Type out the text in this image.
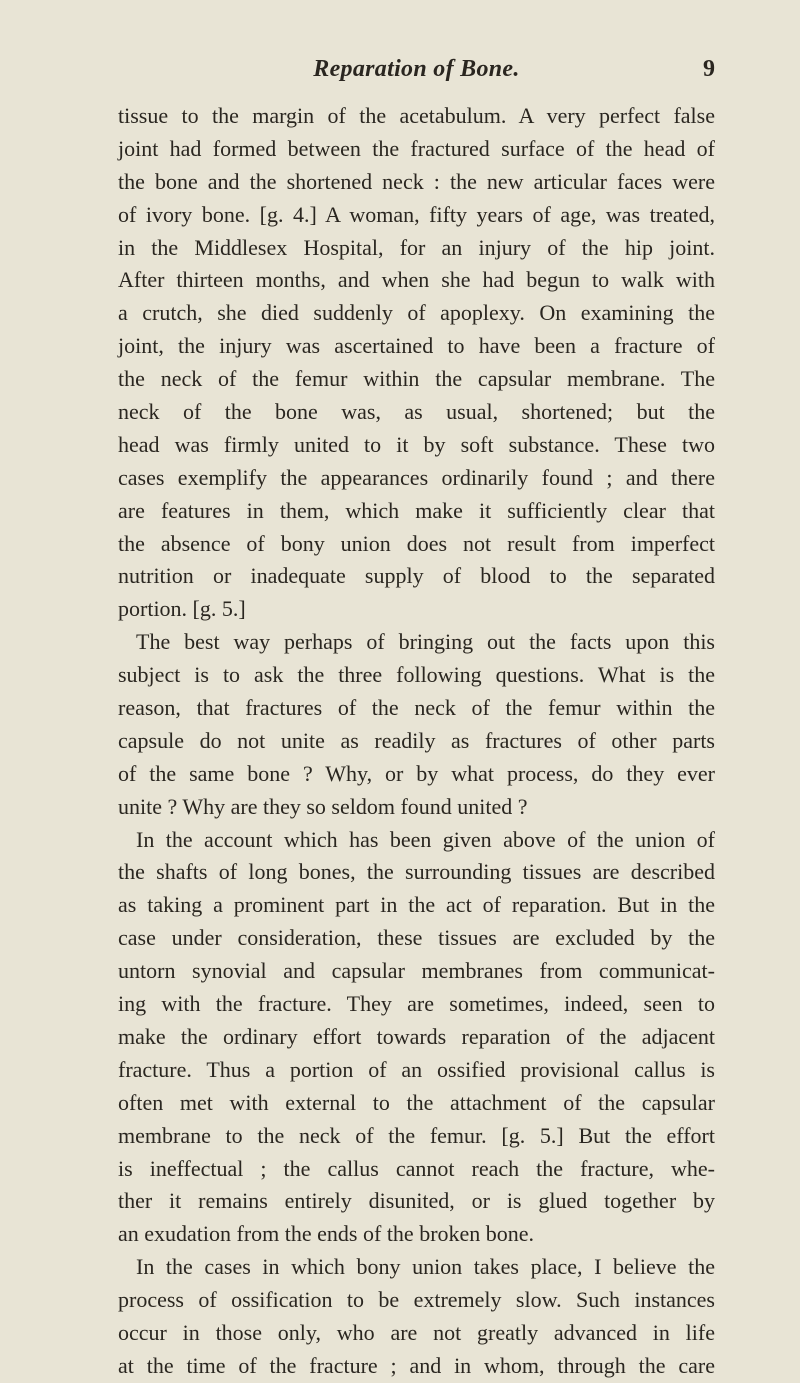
Reparation of Bone.	9
tissue to the margin of the acetabulum. A very perfect false
joint had formed between the fractured surface of the head of
the bone and the shortened neck : the new articular faces were
of ivory bone. [g. 4.] A woman, fifty years of age, was treated,
in the Middlesex Hospital, for an injury of the hip joint.
After thirteen months, and when she had begun to walk with
a crutch, she died suddenly of apoplexy. On examining the
joint, the injury was ascertained to have been a fracture of
the neck of the femur within the capsular membrane. The
neck of the bone was, as usual, shortened; but the
head was firmly united to it by soft substance. These two
cases exemplify the appearances ordinarily found ; and there
are features in them, which make it sufficiently clear that
the absence of bony union does not result from imperfect
nutrition or inadequate supply of blood to the separated
portion. [g. 5.]
The best way perhaps of bringing out the facts upon this
subject is to ask the three following questions. What is the
reason, that fractures of the neck of the femur within the
capsule do not unite as readily as fractures of other parts
of the same bone ? Why, or by what process, do they ever
unite ? Why are they so seldom found united ?
In the account which has been given above of the union of
the shafts of long bones, the surrounding tissues are described
as taking a prominent part in the act of reparation. But in the
case under consideration, these tissues are excluded by the
untorn synovial and capsular membranes from communicat-
ing with the fracture. They are sometimes, indeed, seen to
make the ordinary effort towards reparation of the adjacent
fracture. Thus a portion of an ossified provisional callus is
often met with external to the attachment of the capsular
membrane to the neck of the femur. [g. 5.] But the effort
is ineffectual ; the callus cannot reach the fracture, whe-
ther it remains entirely disunited, or is glued together by
an exudation from the ends of the broken bone.
In the cases in which bony union takes place, I believe the
process of ossification to be extremely slow. Such instances
occur in those only, who are not greatly advanced in life
at the time of the fracture ; and in whom, through the care
